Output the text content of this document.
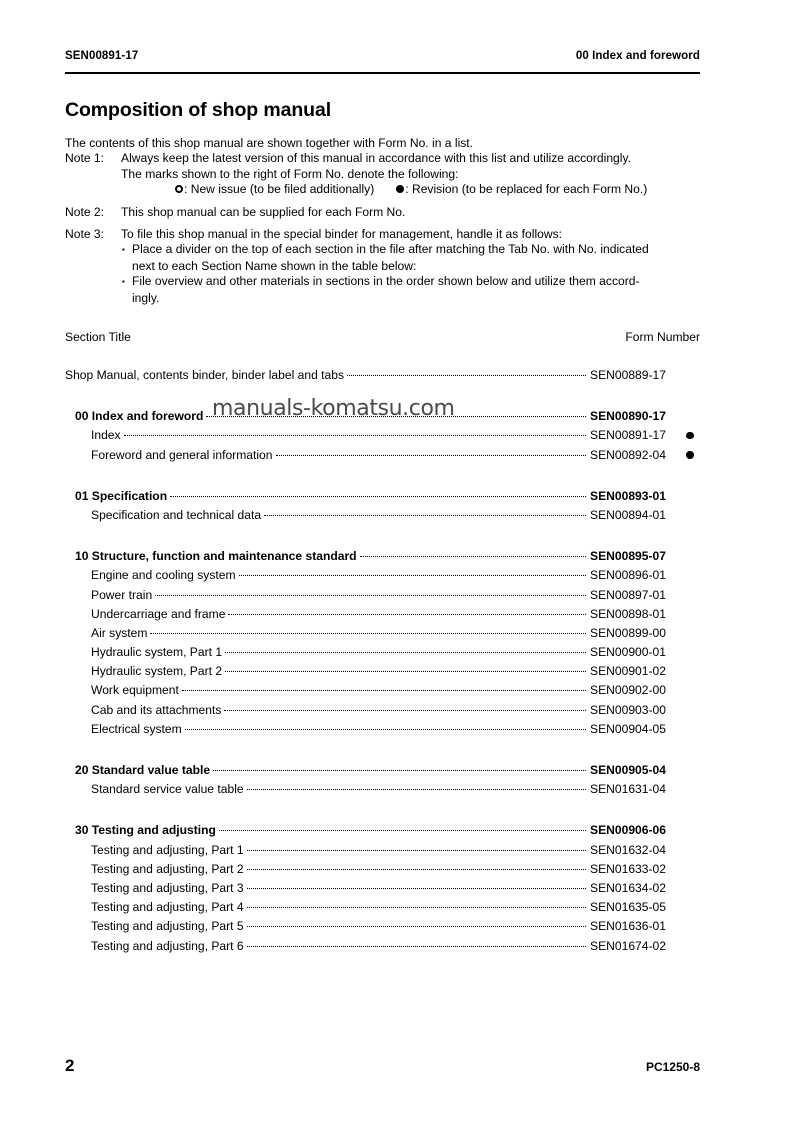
SEN00891-17	00 Index and foreword
Composition of shop manual
The contents of this shop manual are shown together with Form No. in a list.
Note 1:	Always keep the latest version of this manual in accordance with this list and utilize accordingly.
The marks shown to the right of Form No. denote the following:
: New issue (to be filed additionally)	: Revision (to be replaced for each Form No.)
Note 2:	This shop manual can be supplied for each Form No.
Note 3:	To file this shop manual in the special binder for management, handle it as follows:
▪ Place a divider on the top of each section in the file after matching the Tab No. with No. indicated
next to each Section Name shown in the table below:
▪ File overview and other materials in sections in the order shown below and utilize them accord-
ingly.
Section Title	Form Number
Shop Manual, contents binder, binder label and tabs	SEN00889-17
00 Index and foreword	SEN00890-17
Index	SEN00891-17
Foreword and general information	SEN00892-04
01 Specification	SEN00893-01
Specification and technical data	SEN00894-01
10 Structure, function and maintenance standard	SEN00895-07
Engine and cooling system	SEN00896-01
Power train	SEN00897-01
Undercarriage and frame	SEN00898-01
Air system	SEN00899-00
Hydraulic system, Part 1	SEN00900-01
Hydraulic system, Part 2	SEN00901-02
Work equipment	SEN00902-00
Cab and its attachments	SEN00903-00
Electrical system	SEN00904-05
20 Standard value table	SEN00905-04
Standard service value table	SEN01631-04
30 Testing and adjusting	SEN00906-06
Testing and adjusting, Part 1	SEN01632-04
Testing and adjusting, Part 2	SEN01633-02
Testing and adjusting, Part 3	SEN01634-02
Testing and adjusting, Part 4	SEN01635-05
Testing and adjusting, Part 5	SEN01636-01
Testing and adjusting, Part 6	SEN01674-02
manuals-komatsu.com
2	PC1250-8
